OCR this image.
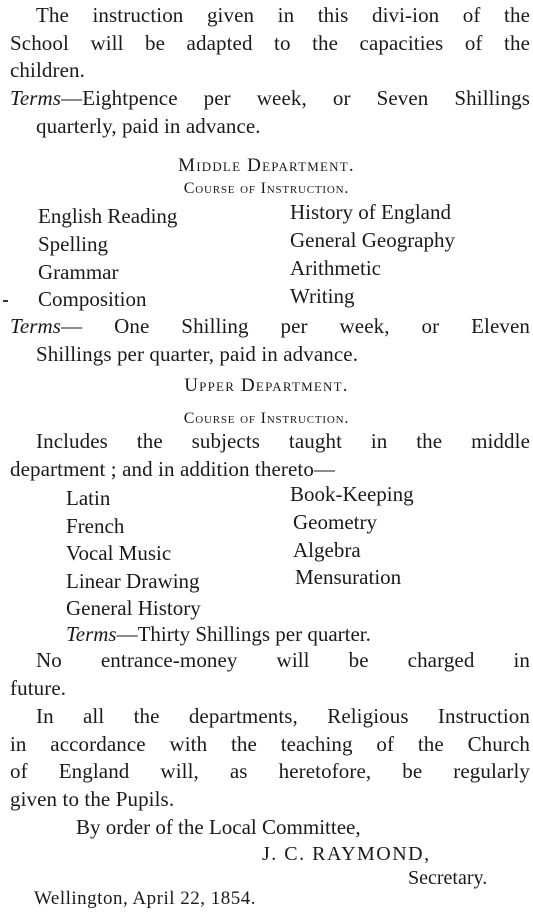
The instruction given in this divi-ion of the
School will be adapted to the capacities of the
children.
Terms—Eightpence per week, or Seven Shillings
quarterly, paid in advance.
Middle Department.
Course of Instruction.
English Reading
Spelling
Grammar
Composition
History of England
General Geography
Arithmetic
Writing
Terms— One Shilling per week, or Eleven
Shillings per quarter, paid in advance.
Upper Department.
Course of Instruction.
Includes the subjects taught in the middle
department ; and in addition thereto—
Latin
French
Vocal Music
Linear Drawing
General History
Book-Keeping
Geometry
Algebra
Mensuration
Terms—Thirty Shillings per quarter.
No entrance-money will be charged in
future.
In all the departments, Religious Instruction
in accordance with the teaching of the Church
of England will, as heretofore, be regularly
given to the Pupils.
By order of the Local Committee,
J. C. RAYMOND,
Secretary.
Wellington, April 22, 1854.
